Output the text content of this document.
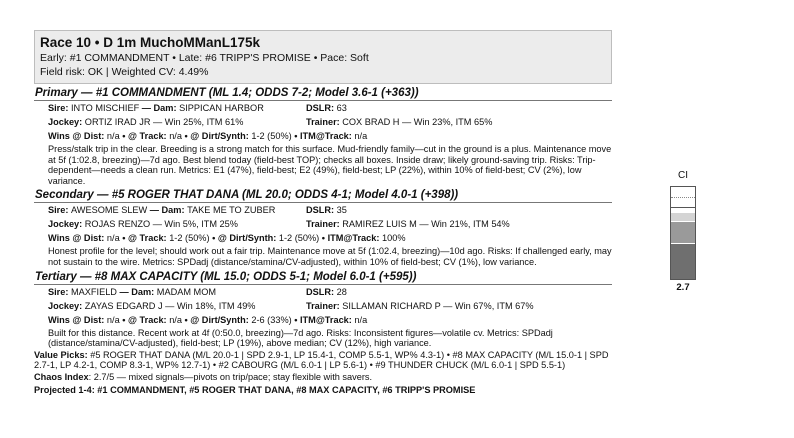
Race 10 • D 1m MuchoMManL175k
Early: #1 COMMANDMENT • Late: #6 TRIPP'S PROMISE • Pace: Soft
Field risk: OK | Weighted CV: 4.49%
Primary — #1 COMMANDMENT (ML 1.4; ODDS 7-2; Model 3.6-1 (+363))
Sire: INTO MISCHIEF — Dam: SIPPICAN HARBOR	DSLR: 63
Jockey: ORTIZ IRAD JR — Win 25%, ITM 61%	Trainer: COX BRAD H — Win 23%, ITM 65%
Wins @ Dist: n/a • @ Track: n/a • @ Dirt/Synth: 1-2 (50%) • ITM@Track: n/a
Press/stalk trip in the clear. Breeding is a strong match for this surface. Mud-friendly family—cut in the ground is a plus. Maintenance move at 5f (1:02.8, breezing)—7d ago. Best blend today (field-best TOP); checks all boxes. Inside draw; likely ground-saving trip. Risks: Trip-dependent—needs a clean run. Metrics: E1 (47%), field-best; E2 (49%), field-best; LP (22%), within 10% of field-best; CV (2%), low variance.
Secondary — #5 ROGER THAT DANA (ML 20.0; ODDS 4-1; Model 4.0-1 (+398))
Sire: AWESOME SLEW — Dam: TAKE ME TO ZUBER	DSLR: 35
Jockey: ROJAS RENZO — Win 5%, ITM 25%	Trainer: RAMIREZ LUIS M — Win 21%, ITM 54%
Wins @ Dist: n/a • @ Track: 1-2 (50%) • @ Dirt/Synth: 1-2 (50%) • ITM@Track: 100%
Honest profile for the level; should work out a fair trip. Maintenance move at 5f (1:02.4, breezing)—10d ago. Risks: If challenged early, may not sustain to the wire. Metrics: SPDadj (distance/stamina/CV-adjusted), within 10% of field-best; CV (1%), low variance.
Tertiary — #8 MAX CAPACITY (ML 15.0; ODDS 5-1; Model 6.0-1 (+595))
Sire: MAXFIELD — Dam: MADAM MOM	DSLR: 28
Jockey: ZAYAS EDGARD J — Win 18%, ITM 49%	Trainer: SILLAMAN RICHARD P — Win 67%, ITM 67%
Wins @ Dist: n/a • @ Track: n/a • @ Dirt/Synth: 2-6 (33%) • ITM@Track: n/a
Built for this distance. Recent work at 4f (0:50.0, breezing)—7d ago. Risks: Inconsistent figures—volatile cv. Metrics: SPDadj (distance/stamina/CV-adjusted), field-best; LP (19%), above median; CV (12%), high variance.
Value Picks: #5 ROGER THAT DANA (M/L 20.0-1 | SPD 2.9-1, LP 15.4-1, COMP 5.5-1, WP% 4.3-1) • #8 MAX CAPACITY (M/L 15.0-1 | SPD 2.7-1, LP 4.2-1, COMP 8.3-1, WP% 12.7-1) • #2 CABOURG (M/L 6.0-1 | LP 5.6-1) • #9 THUNDER CHUCK (M/L 6.0-1 | SPD 5.5-1)
Chaos Index: 2.7/5 — mixed signals—pivots on trip/pace; stay flexible with savers.
Projected 1-4: #1 COMMANDMENT, #5 ROGER THAT DANA, #8 MAX CAPACITY, #6 TRIPP'S PROMISE
CI
2.7
